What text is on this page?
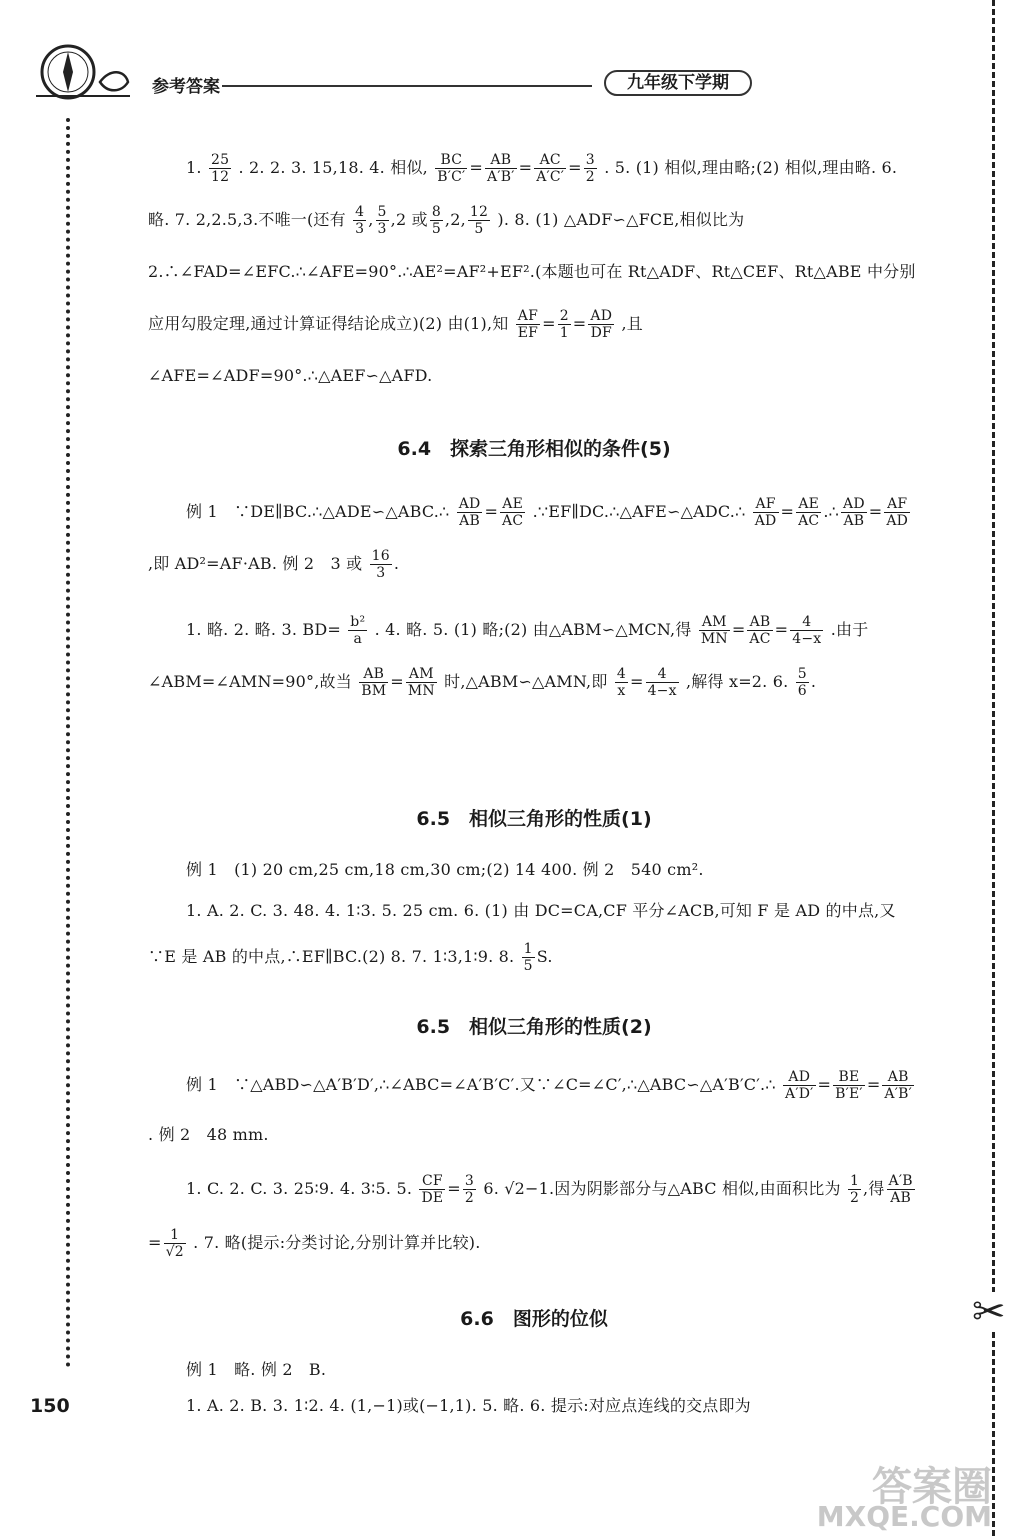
参考答案	九年级下学期
✂
150
1. $\frac{25}{12}$ . 2. 2. 3. 15,18. 4. 相似, $\frac{BC}{B'C'} = \frac{AB}{A'B'} = \frac{AC}{A'C'} = \frac{3}{2}$ . 5. (1) 相似,理由略;(2) 相似,理由略. 6. 略. 7. 2,2.5,3.不唯一(还有 $\frac{4}{3}$ , $\frac{5}{3} ,2$ 或 $\frac{8}{5} ,2$, $\frac{12}{5}$ ). 8. (1) △ADF∽△FCE,相似比为 2.∴∠FAD=∠EFC.∴∠AFE=90°.∴AE²=AF²+EF².(本题也可在 Rt△ADF、Rt△CEF、Rt△ABE 中分别应用勾股定理,通过计算证得结论成立)(2) 由(1),知 $\frac{AF}{EF} = \frac{2}{1} = \frac{AD}{DF}$ ,且∠AFE=∠ADF=90°.∴△AEF∽△AFD.
6.4　探索三角形相似的条件(5)
例 1　∵DE∥BC.∴△ADE∽△ABC.∴ $\frac{AD}{AB} = \frac{AE}{AC}$ .∵EF∥DC.∴△AFE∽△ADC.∴ $\frac{AF}{AD} = \frac{AE}{AC}$ .∴ $\frac{AD}{AB} = \frac{AF}{AD}$
,即 AD²=AF·AB. 例 2　3 或 $\frac{16}{3}$ .
1. 略. 2. 略. 3. $BD= \frac{\text{b²}}{a}$ . 4. 略. 5. (1) 略;(2) 由△ABM∽△MCN,得 $\frac{AM}{MN} = \frac{AB}{AC} = \frac{4}{4-x}$ .由于∠ABM=∠AMN=90°,故当 $\frac{AB}{BM} = \frac{AM}{MN}$ 时,△ABM∽△AMN,即 $\frac{4}{x} = \frac{4}{4-x}$ ,解得 x=2. 6. $\frac{5}{6}$ .
6.5　相似三角形的性质(1)
例 1　(1) 20 cm,25 cm,18 cm,30 cm;(2) 14 400. 例 2　540 cm².
1. A. 2. C. 3. 48. 4. 1∶3. 5. 25 cm. 6. (1) 由 DC=CA,CF 平分∠ACB,可知 F 是 AD 的中点,又∵E 是 AB 的中点,∴EF∥BC.(2) 8. 7. 1∶3,1∶9. 8. $\frac{1}{5} S$.
6.5　相似三角形的性质(2)
例 1　∵△ABD∽△A′B′D′,∴∠ABC=∠A′B′C′.又∵∠C=∠C′,∴△ABC∽△A′B′C′.∴ $\frac{AD}{A'D'} = \frac{BE}{B'E'} = \frac{AB}{A'B'}$
. 例 2　48 mm.
1. C. 2. C. 3. 25∶9. 4. 3∶5. 5. $\frac{CF}{DE} = \frac{3}{2} 6$. √2−1.因为阴影部分与△ABC 相似,由面积比为 $\frac{1}{2}$ ,得 $\frac{A'B}{AB}$
= $\frac{1}{√2}$ . 7. 略(提示:分类讨论,分别计算并比较).
6.6　图形的位似
例 1　略. 例 2　B.
1. A. 2. B. 3. 1∶2. 4. (1,−1)或(−1,1). 5. 略. 6. 提示:对应点连线的交点即为
答案圈
MXQE.COM
